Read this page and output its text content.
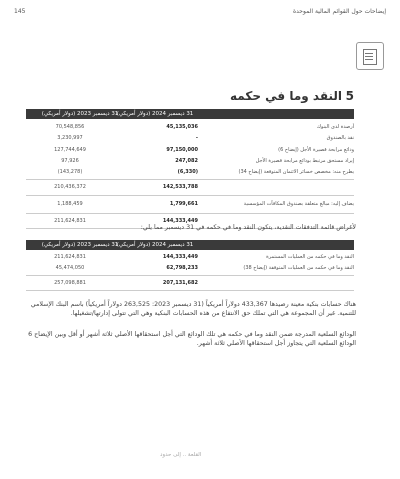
145	إيضاحات حول القوائم المالية الموحدة
النقد وما في حكمه 5
31 ديسمبر 2023 (دولار أمريكي)
31 ديسمبر 2024 (دولار أمريكي)
70,548,856	45,135,036	أرصدة لدى البنوك
3,230,997	-	نقد بالصندوق
127,744,649	97,150,000	ودائع مرابحة قصيرة الأجل (إيضاح 6)
97,926	247,082	إيراد مستحق مرتبط بودائع مرابحة قصيرة الأجل
(143,278)	(6,330)	يطرح منه: مخصص خسائر الائتمان المتوقعة (إيضاح 34)
210,436,372	142,533,788
1,188,459	1,799,661	يضاف إليه: مبالغ متعلقة بصندوق المكافآت المؤسسية
211,624,831	144,333,449
لأغراض قائمة التدفقات النقدية، يتكون النقد وما في حكمه في 31 ديسمبر مما يلي:
31 ديسمبر 2023 (دولار أمريكي)
31 ديسمبر 2024 (دولار أمريكي)
211,624,831	144,333,449	النقد وما في حكمه من العمليات المستمرة
45,474,050	62,798,233	النقد وما في حكمه من العمليات المتوقفة (إيضاح 38)
257,098,881	207,131,682
هناك حسابات بنكية معينة رصيدها 433,367 دولاراً أمريكياً (31 ديسمبر 2023: 263,525 دولاراً أمريكياً) باسم البنك الإسلامي للتنمية. غير أن المجموعة هي التي تملك حق الانتفاع من هذه الحسابات البنكية وهي التي تتولى إدارتها/تشغيلها.
الودائع السلعية المدرجة ضمن النقد وما في حكمه هي تلك الودائع التي أجل استحقاقها الأصلي ثلاثة أشهر أو أقل وبين الإيضاح 6 الودائع السلعية التي يتجاوز أجل استحقاقها الأصلي ثلاثة أشهر.
القلعة .. إلى حدود
